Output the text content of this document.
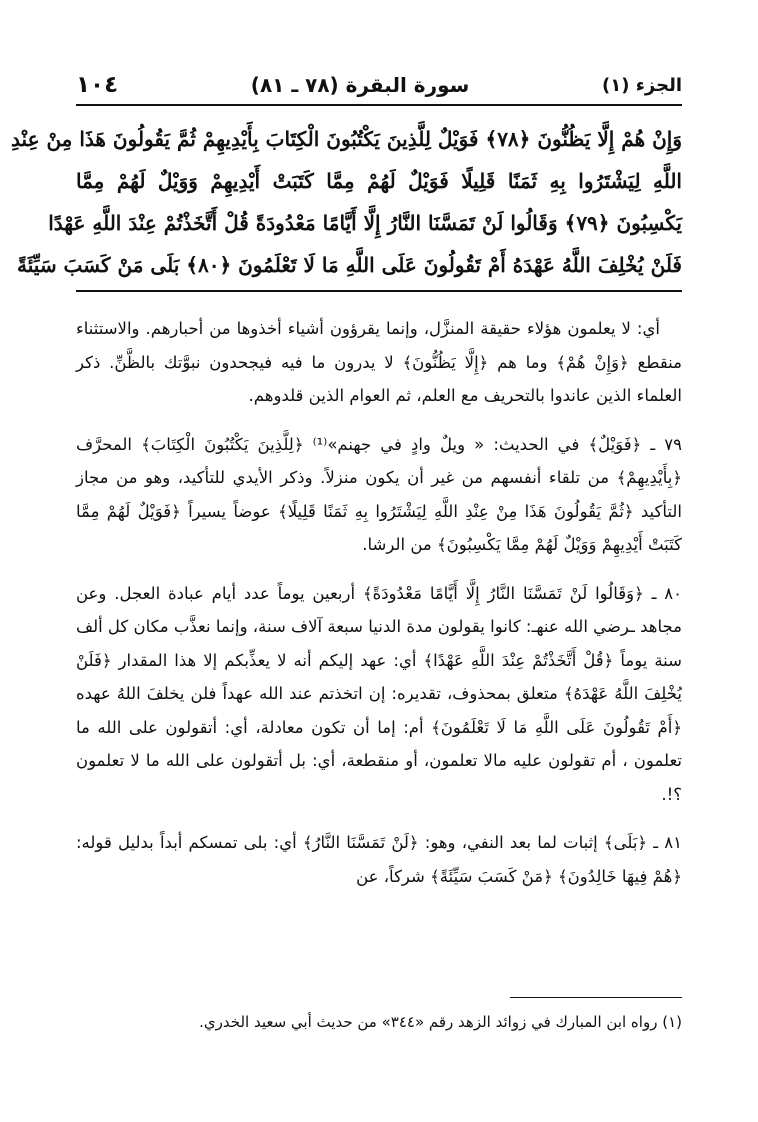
١٠٤	سورة البقرة (٧٨ ـ ٨١)	الجزء (١)
وَإِنْ هُمْ إِلَّا يَظُنُّونَ ﴿٧٨﴾ فَوَيْلٌ لِلَّذِينَ يَكْتُبُونَ الْكِتَابَ بِأَيْدِيهِمْ ثُمَّ يَقُولُونَ هَذَا مِنْ عِنْدِ
اللَّهِ لِيَشْتَرُوا بِهِ ثَمَنًا قَلِيلًا فَوَيْلٌ لَهُمْ مِمَّا كَتَبَتْ أَيْدِيهِمْ وَوَيْلٌ لَهُمْ مِمَّا
يَكْسِبُونَ ﴿٧٩﴾ وَقَالُوا لَنْ تَمَسَّنَا النَّارُ إِلَّا أَيَّامًا مَعْدُودَةً قُلْ أَتَّخَذْتُمْ عِنْدَ اللَّهِ عَهْدًا
فَلَنْ يُخْلِفَ اللَّهُ عَهْدَهُ أَمْ تَقُولُونَ عَلَى اللَّهِ مَا لَا تَعْلَمُونَ ﴿٨٠﴾ بَلَى مَنْ كَسَبَ سَيِّئَةً

أي: لا يعلمون هؤلاء حقيقة المنزَّل، وإنما يقرؤون أشياء أخذوها من أحبارهم. والاستثناء منقطع ﴿وَإِنْ هُمْ﴾ وما هم ﴿إِلَّا يَظُنُّونَ﴾ لا يدرون ما فيه فيجحدون نبوَّتك بالظَّنِّ. ذكر العلماء الذين عاندوا بالتحريف مع العلم، ثم العوام الذين قلدوهم.

٧٩ ـ ﴿فَوَيْلٌ﴾ في الحديث: « ويلٌ وادٍ في جهنم»⁽¹⁾ ﴿لِلَّذِينَ يَكْتُبُونَ الْكِتَابَ﴾ المحرَّف ﴿بِأَيْدِيهِمْ﴾ من تلقاء أنفسهم من غير أن يكون منزلاً. وذكر الأيدي للتأكيد، وهو من مجاز التأكيد ﴿ثُمَّ يَقُولُونَ هَذَا مِنْ عِنْدِ اللَّهِ لِيَشْتَرُوا بِهِ ثَمَنًا قَلِيلًا﴾ عوضاً يسيراً ﴿فَوَيْلٌ لَهُمْ مِمَّا كَتَبَتْ أَيْدِيهِمْ وَوَيْلٌ لَهُمْ مِمَّا يَكْسِبُونَ﴾ من الرشا.

٨٠ ـ ﴿وَقَالُوا لَنْ تَمَسَّنَا النَّارُ إِلَّا أَيَّامًا مَعْدُودَةً﴾ أربعين يوماً عدد أيام عبادة العجل. وعن مجاهد ـرضي الله عنهـ: كانوا يقولون مدة الدنيا سبعة آلاف سنة، وإنما نعذَّب مكان كل ألف سنة يوماً ﴿قُلْ أَتَّخَذْتُمْ عِنْدَ اللَّهِ عَهْدًا﴾ أي: عهد إليكم أنه لا يعذِّبكم إلا هذا المقدار ﴿فَلَنْ يُخْلِفَ اللَّهُ عَهْدَهُ﴾ متعلق بمحذوف، تقديره: إن اتخذتم عند الله عهداً فلن يخلفَ اللهُ عهده ﴿أَمْ تَقُولُونَ عَلَى اللَّهِ مَا لَا تَعْلَمُونَ﴾ أم: إما أن تكون معادلة، أي: أتقولون على الله ما تعلمون ، أم تقولون عليه مالا تعلمون، أو منقطعة، أي: بل أتقولون على الله ما لا تعلمون ؟!.

٨١ ـ ﴿بَلَى﴾ إثبات لما بعد النفي، وهو: ﴿لَنْ تَمَسَّنَا النَّارُ﴾ أي: بلى تمسكم أبداً بدليل قوله: ﴿هُمْ فِيهَا خَالِدُونَ﴾ ﴿مَنْ كَسَبَ سَيِّئَةً﴾ شركاً، عن

(١) رواه ابن المبارك في زوائد الزهد رقم «٣٤٤» من حديث أبي سعيد الخدري.
